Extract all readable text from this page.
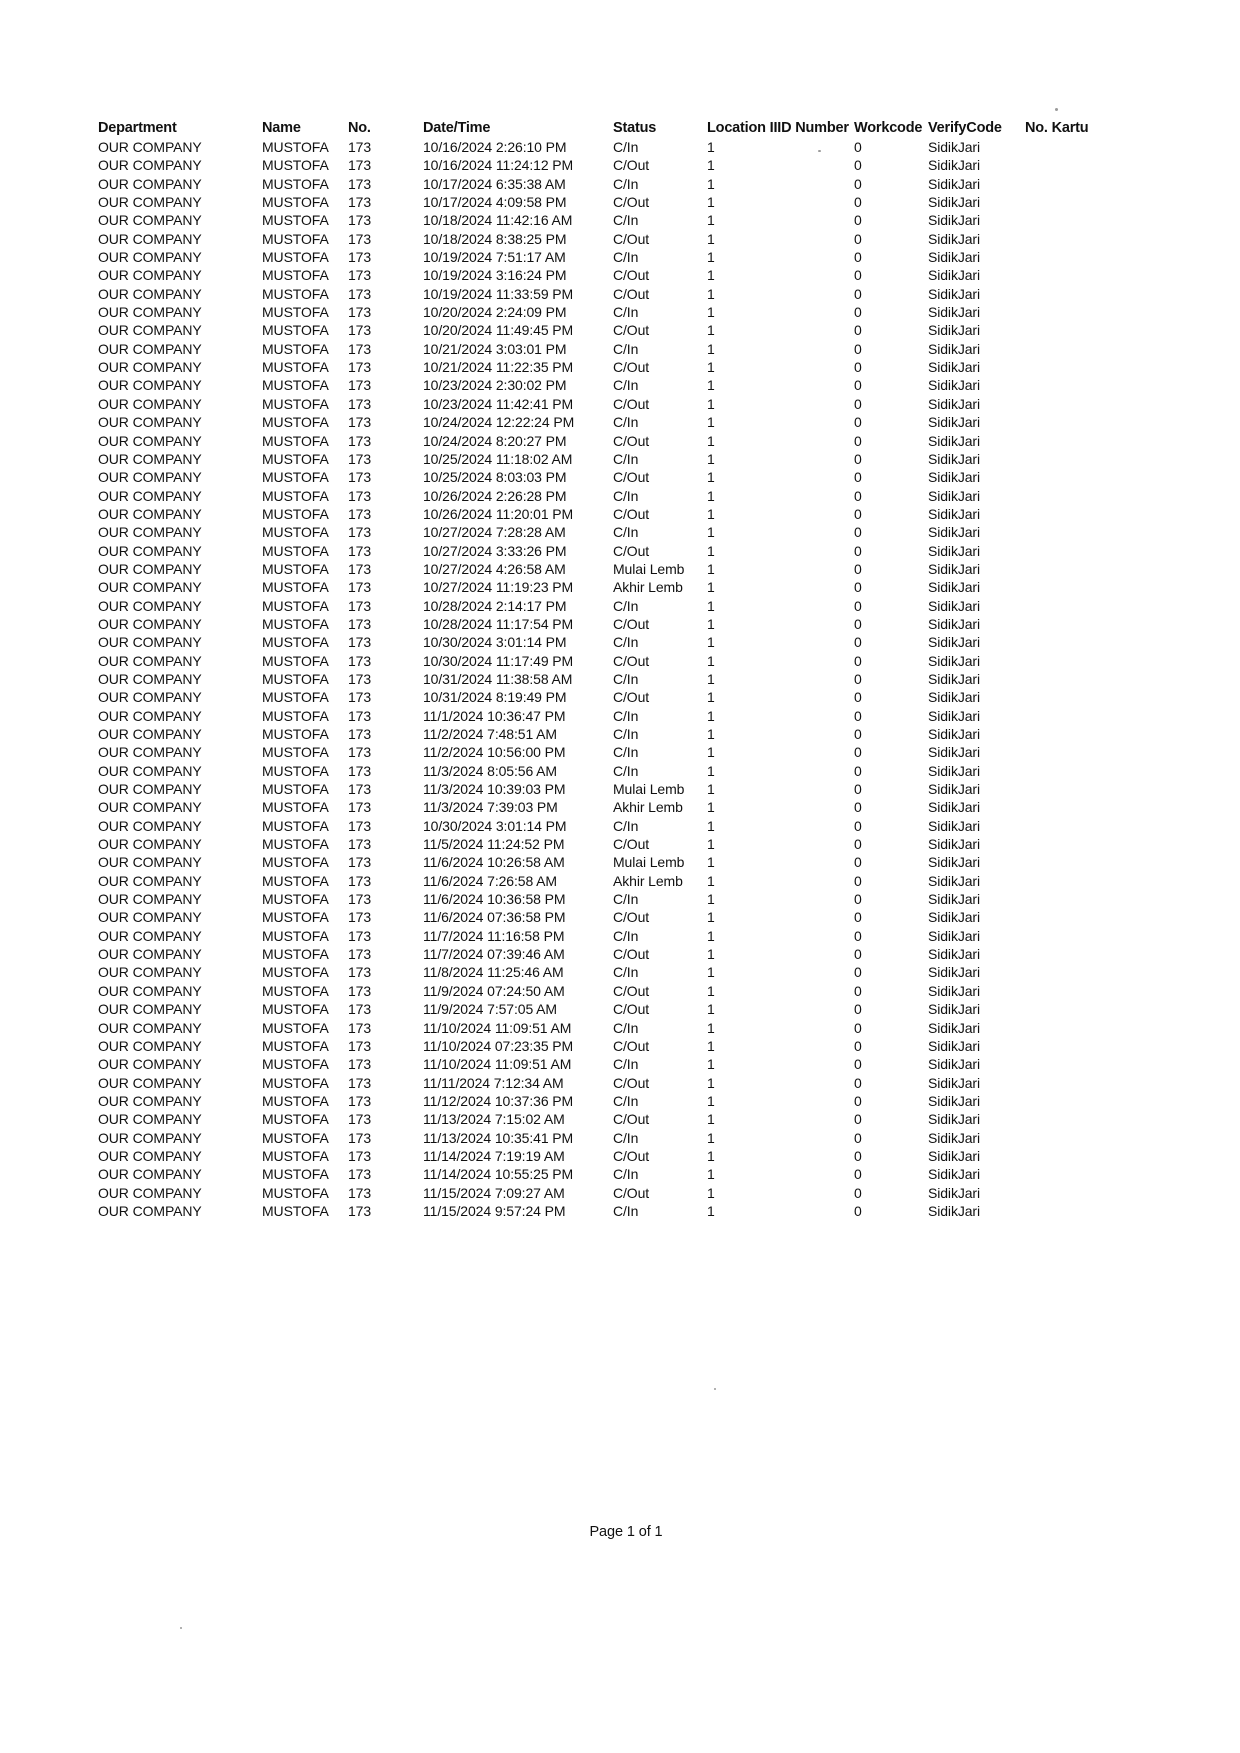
Department	Name	No.	Date/Time	Status	Location IIID Number	Workcode	VerifyCode	No. Kartu
OUR COMPANY	MUSTOFA	173	10/16/2024 2:26:10 PM	C/In	1	0	SidikJari	
OUR COMPANY	MUSTOFA	173	10/16/2024 11:24:12 PM	C/Out	1	0	SidikJari	
OUR COMPANY	MUSTOFA	173	10/17/2024 6:35:38 AM	C/In	1	0	SidikJari	
OUR COMPANY	MUSTOFA	173	10/17/2024 4:09:58 PM	C/Out	1	0	SidikJari	
OUR COMPANY	MUSTOFA	173	10/18/2024 11:42:16 AM	C/In	1	0	SidikJari	
OUR COMPANY	MUSTOFA	173	10/18/2024 8:38:25 PM	C/Out	1	0	SidikJari	
OUR COMPANY	MUSTOFA	173	10/19/2024 7:51:17 AM	C/In	1	0	SidikJari	
OUR COMPANY	MUSTOFA	173	10/19/2024 3:16:24 PM	C/Out	1	0	SidikJari	
OUR COMPANY	MUSTOFA	173	10/19/2024 11:33:59 PM	C/Out	1	0	SidikJari	
OUR COMPANY	MUSTOFA	173	10/20/2024 2:24:09 PM	C/In	1	0	SidikJari	
OUR COMPANY	MUSTOFA	173	10/20/2024 11:49:45 PM	C/Out	1	0	SidikJari	
OUR COMPANY	MUSTOFA	173	10/21/2024 3:03:01 PM	C/In	1	0	SidikJari	
OUR COMPANY	MUSTOFA	173	10/21/2024 11:22:35 PM	C/Out	1	0	SidikJari	
OUR COMPANY	MUSTOFA	173	10/23/2024 2:30:02 PM	C/In	1	0	SidikJari	
OUR COMPANY	MUSTOFA	173	10/23/2024 11:42:41 PM	C/Out	1	0	SidikJari	
OUR COMPANY	MUSTOFA	173	10/24/2024 12:22:24 PM	C/In	1	0	SidikJari	
OUR COMPANY	MUSTOFA	173	10/24/2024 8:20:27 PM	C/Out	1	0	SidikJari	
OUR COMPANY	MUSTOFA	173	10/25/2024 11:18:02 AM	C/In	1	0	SidikJari	
OUR COMPANY	MUSTOFA	173	10/25/2024 8:03:03 PM	C/Out	1	0	SidikJari	
OUR COMPANY	MUSTOFA	173	10/26/2024 2:26:28 PM	C/In	1	0	SidikJari	
OUR COMPANY	MUSTOFA	173	10/26/2024 11:20:01 PM	C/Out	1	0	SidikJari	
OUR COMPANY	MUSTOFA	173	10/27/2024 7:28:28 AM	C/In	1	0	SidikJari	
OUR COMPANY	MUSTOFA	173	10/27/2024 3:33:26 PM	C/Out	1	0	SidikJari	
OUR COMPANY	MUSTOFA	173	10/27/2024 4:26:58 AM	Mulai Lemb	1	0	SidikJari	
OUR COMPANY	MUSTOFA	173	10/27/2024 11:19:23 PM	Akhir Lemb	1	0	SidikJari	
OUR COMPANY	MUSTOFA	173	10/28/2024 2:14:17 PM	C/In	1	0	SidikJari	
OUR COMPANY	MUSTOFA	173	10/28/2024 11:17:54 PM	C/Out	1	0	SidikJari	
OUR COMPANY	MUSTOFA	173	10/30/2024 3:01:14 PM	C/In	1	0	SidikJari	
OUR COMPANY	MUSTOFA	173	10/30/2024 11:17:49 PM	C/Out	1	0	SidikJari	
OUR COMPANY	MUSTOFA	173	10/31/2024 11:38:58 AM	C/In	1	0	SidikJari	
OUR COMPANY	MUSTOFA	173	10/31/2024 8:19:49 PM	C/Out	1	0	SidikJari	
OUR COMPANY	MUSTOFA	173	11/1/2024 10:36:47 PM	C/In	1	0	SidikJari	
OUR COMPANY	MUSTOFA	173	11/2/2024 7:48:51 AM	C/In	1	0	SidikJari	
OUR COMPANY	MUSTOFA	173	11/2/2024 10:56:00 PM	C/In	1	0	SidikJari	
OUR COMPANY	MUSTOFA	173	11/3/2024 8:05:56 AM	C/In	1	0	SidikJari	
OUR COMPANY	MUSTOFA	173	11/3/2024 10:39:03 PM	Mulai Lemb	1	0	SidikJari	
OUR COMPANY	MUSTOFA	173	11/3/2024 7:39:03 PM	Akhir Lemb	1	0	SidikJari	
OUR COMPANY	MUSTOFA	173	10/30/2024 3:01:14 PM	C/In	1	0	SidikJari	
OUR COMPANY	MUSTOFA	173	11/5/2024 11:24:52 PM	C/Out	1	0	SidikJari	
OUR COMPANY	MUSTOFA	173	11/6/2024 10:26:58 AM	Mulai Lemb	1	0	SidikJari	
OUR COMPANY	MUSTOFA	173	11/6/2024 7:26:58 AM	Akhir Lemb	1	0	SidikJari	
OUR COMPANY	MUSTOFA	173	11/6/2024 10:36:58 PM	C/In	1	0	SidikJari	
OUR COMPANY	MUSTOFA	173	11/6/2024 07:36:58 PM	C/Out	1	0	SidikJari	
OUR COMPANY	MUSTOFA	173	11/7/2024 11:16:58 PM	C/In	1	0	SidikJari	
OUR COMPANY	MUSTOFA	173	11/7/2024 07:39:46 AM	C/Out	1	0	SidikJari	
OUR COMPANY	MUSTOFA	173	11/8/2024 11:25:46 AM	C/In	1	0	SidikJari	
OUR COMPANY	MUSTOFA	173	11/9/2024 07:24:50 AM	C/Out	1	0	SidikJari	
OUR COMPANY	MUSTOFA	173	11/9/2024 7:57:05 AM	C/Out	1	0	SidikJari	
OUR COMPANY	MUSTOFA	173	11/10/2024 11:09:51 AM	C/In	1	0	SidikJari	
OUR COMPANY	MUSTOFA	173	11/10/2024 07:23:35 PM	C/Out	1	0	SidikJari	
OUR COMPANY	MUSTOFA	173	11/10/2024 11:09:51 AM	C/In	1	0	SidikJari	
OUR COMPANY	MUSTOFA	173	11/11/2024 7:12:34 AM	C/Out	1	0	SidikJari	
OUR COMPANY	MUSTOFA	173	11/12/2024 10:37:36 PM	C/In	1	0	SidikJari	
OUR COMPANY	MUSTOFA	173	11/13/2024 7:15:02 AM	C/Out	1	0	SidikJari	
OUR COMPANY	MUSTOFA	173	11/13/2024 10:35:41 PM	C/In	1	0	SidikJari	
OUR COMPANY	MUSTOFA	173	11/14/2024 7:19:19 AM	C/Out	1	0	SidikJari	
OUR COMPANY	MUSTOFA	173	11/14/2024 10:55:25 PM	C/In	1	0	SidikJari	
OUR COMPANY	MUSTOFA	173	11/15/2024 7:09:27 AM	C/Out	1	0	SidikJari	
OUR COMPANY	MUSTOFA	173	11/15/2024 9:57:24 PM	C/In	1	0	SidikJari	
Page 1 of 1
